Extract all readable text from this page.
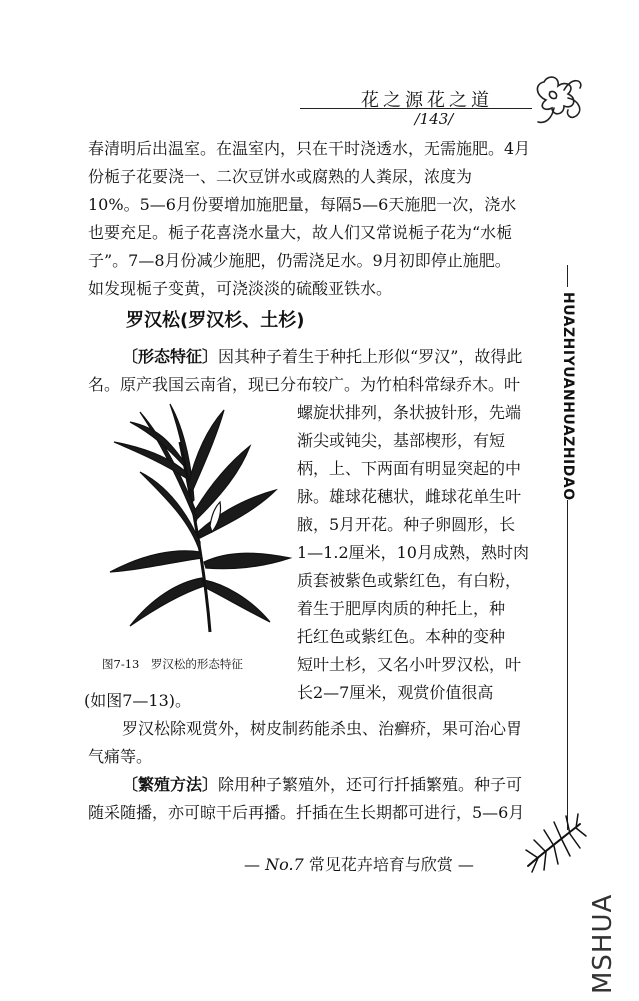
花之源花之道
/143/
HUAZHIYUANHUAZHIDAO
春清明后出温室。在温室内，只在干时浇透水，无需施肥。4月
份栀子花要浇一、二次豆饼水或腐熟的人粪尿，浓度为
10%。5—6月份要增加施肥量，每隔5—6天施肥一次，浇水
也要充足。栀子花喜浇水量大，故人们又常说栀子花为“水栀
子”。7—8月份减少施肥，仍需浇足水。9月初即停止施肥。
如发现栀子变黄，可浇淡淡的硫酸亚铁水。
罗汉松(罗汉杉、土杉)
〔形态特征〕因其种子着生于种托上形似“罗汉”，故得此
名。原产我国云南省，现已分布较广。为竹柏科常绿乔木。叶
螺旋状排列，条状披针形，先端
渐尖或钝尖，基部楔形，有短
柄，上、下两面有明显突起的中
脉。雄球花穗状，雌球花单生叶
腋，5月开花。种子卵圆形，长
1—1.2厘米，10月成熟，熟时肉
质套被紫色或紫红色，有白粉，
着生于肥厚肉质的种托上，种
托红色或紫红色。本种的变种
短叶土杉，又名小叶罗汉松，叶
长2—7厘米，观赏价值很高
图7-13　罗汉松的形态特征
(如图7—13)。
罗汉松除观赏外，树皮制药能杀虫、治癣疥，果可治心胃
气痛等。
〔繁殖方法〕除用种子繁殖外，还可行扦插繁殖。种子可
随采随播，亦可晾干后再播。扦插在生长期都可进行，5—6月
— No.7 常见花卉培育与欣赏 —
MSHUA
